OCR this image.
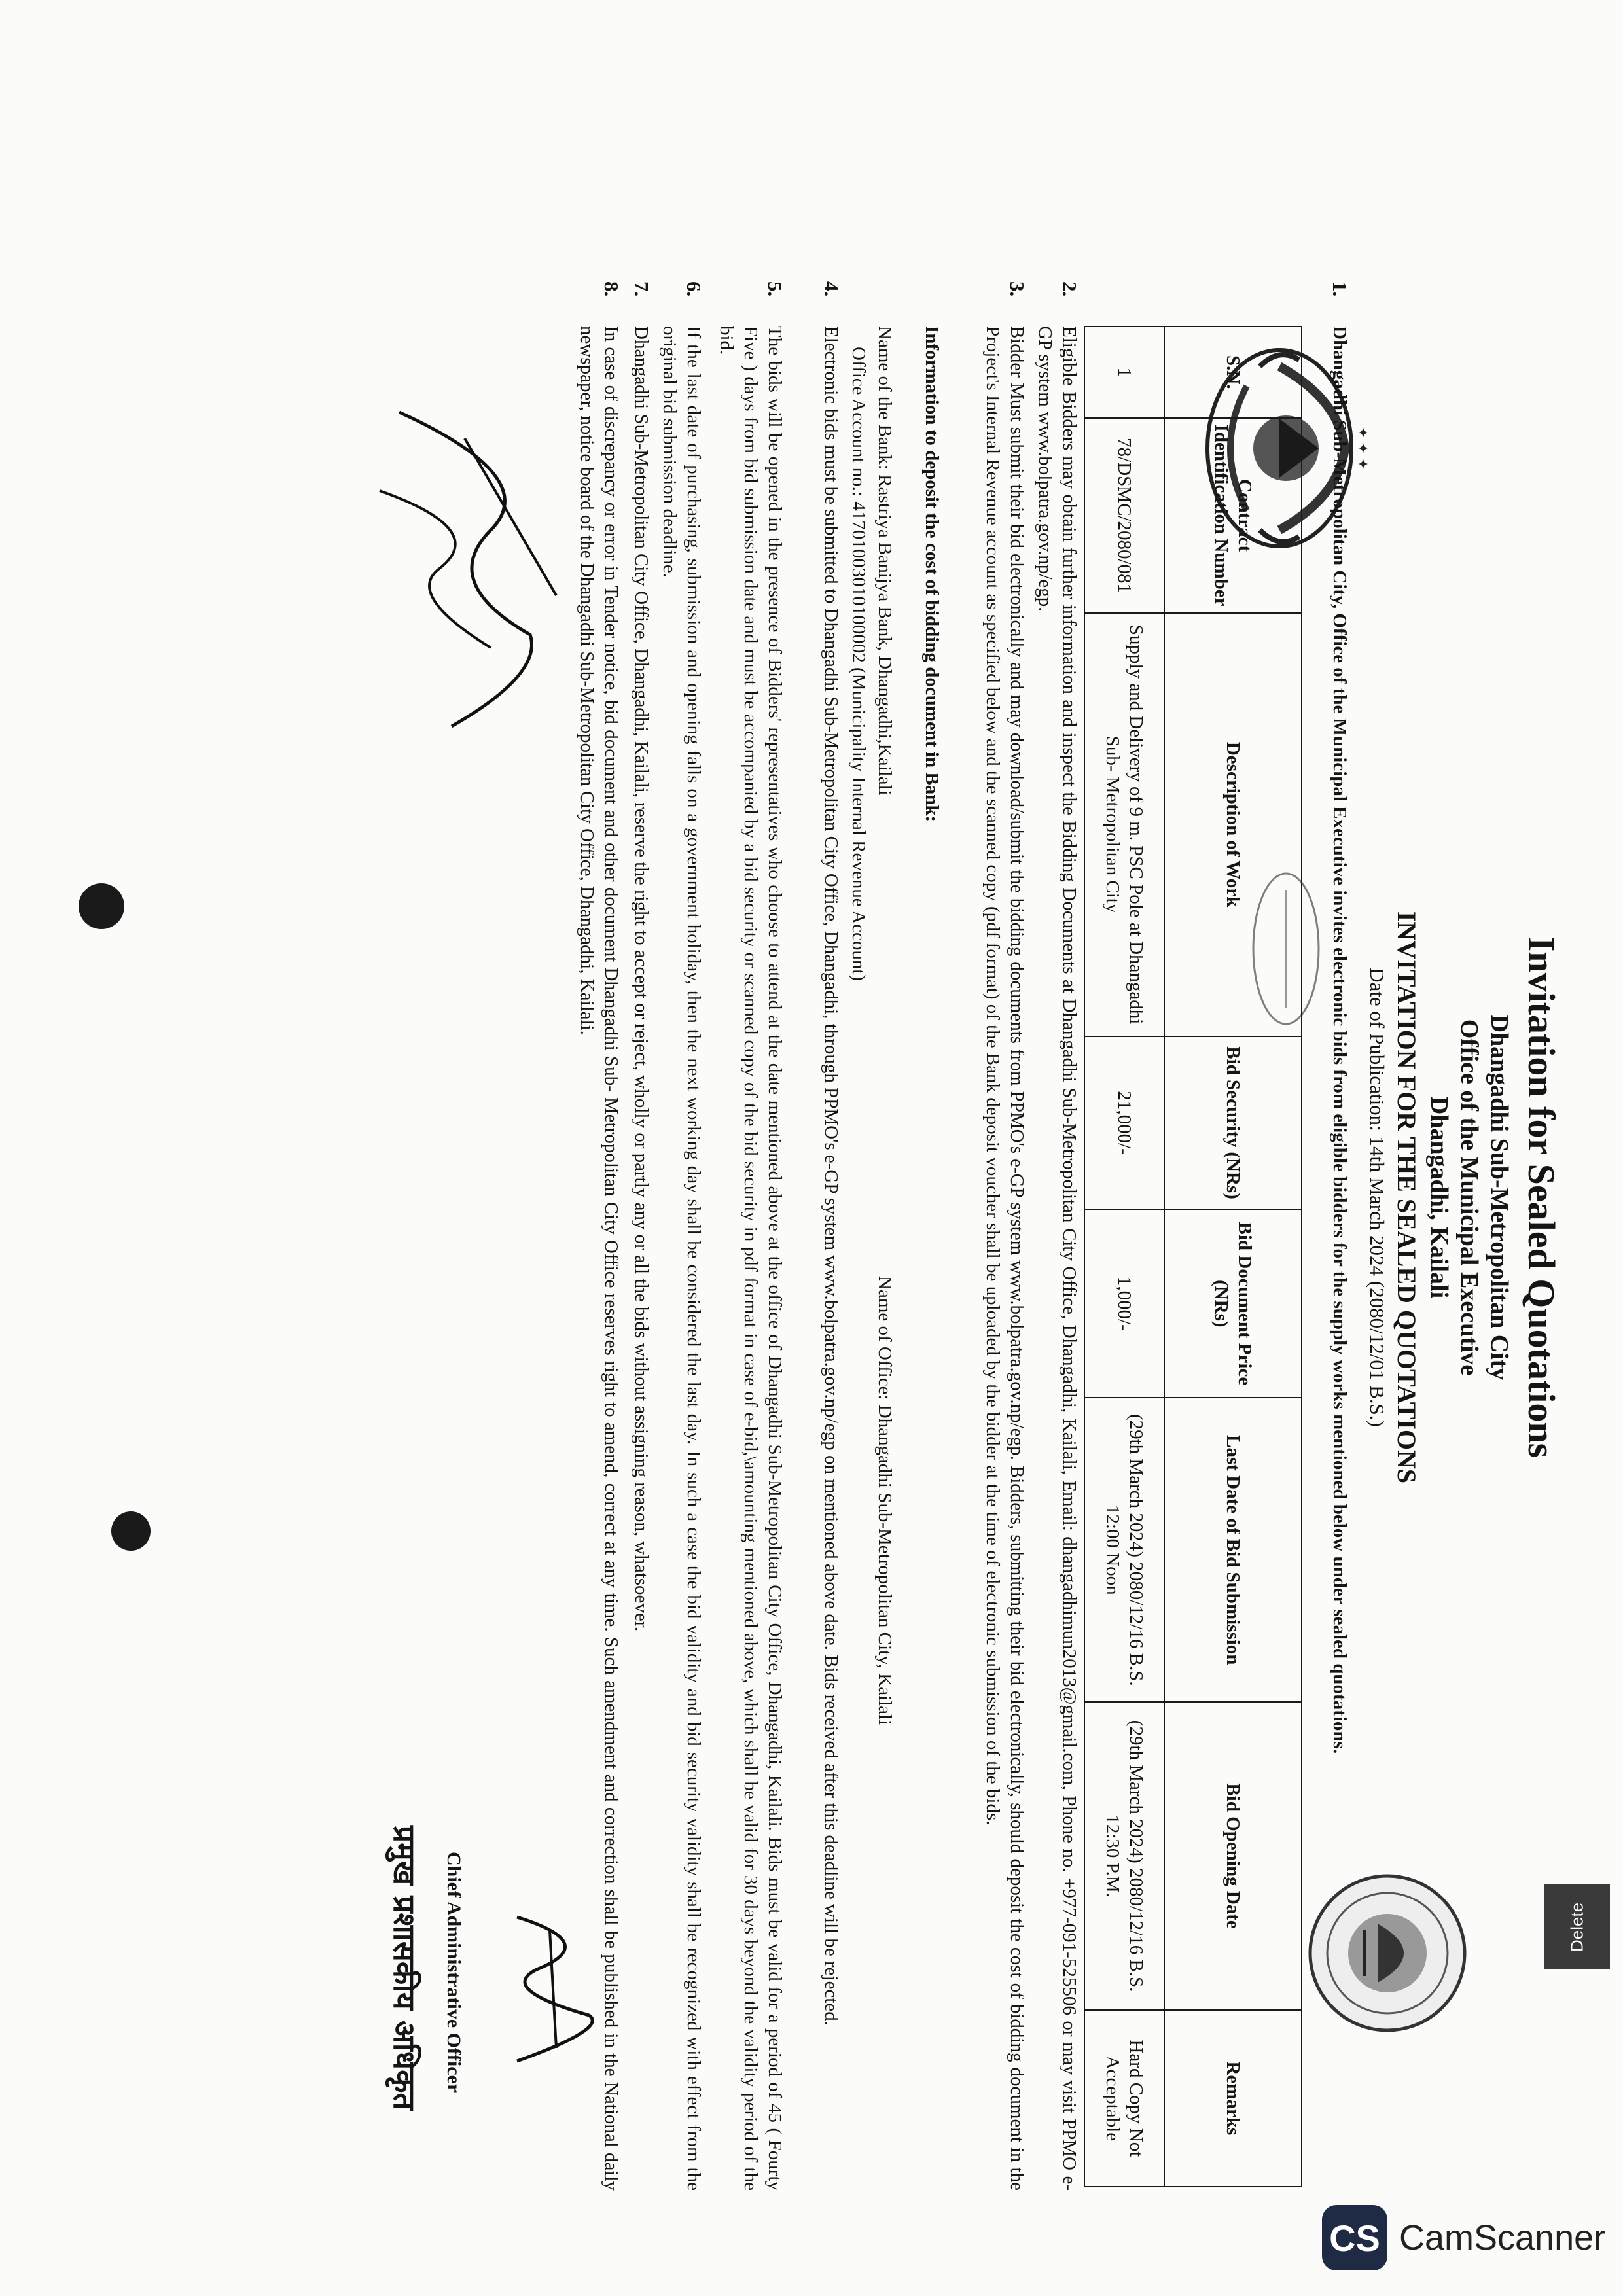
✦ ✦ ✦
Invitation for Sealed Quotations
Dhangadhi Sub-Metropolitan City
Office of the Municipal Executive
Dhangadhi, Kailali
INVITATION FOR THE SEALED QUOTATIONS
Date of Publication: 14th March 2024 (2080/12/01 B.S.)
1.
Dhangadhi Sub-Metropolitan City, Office of the Municipal Executive invites electronic bids from eligible bidders for the supply works mentioned below under sealed quotations.
S.N.	Contract Identification Number	Description of Work	Bid Security (NRs)	Bid Document Price (NRs)	Last Date of Bid Submission	Bid Opening Date	Remarks
1	78/DSMC/2080/081	Supply and Delivery of 9 m. PSC Pole at Dhangadhi Sub- Metropolitan City	21,000/-	1,000/-	(29th March 2024) 2080/12/16 B.S. 12:00 Noon	(29th March 2024) 2080/12/16 B.S. 12:30 P.M.	Hard Copy Not Acceptable
2.
Eligible Bidders may obtain further information and inspect the Bidding Documents at Dhangadhi Sub-Metropolitan City Office, Dhangadhi, Kailali, Email: dhangadhimun2013@gmail.com, Phone no. +977-091-525506 or may visit PPMO e-GP system www.bolpatra.gov.np/egp.
3.
Bidder Must submit their bid electronically and may download/submit the bidding documents from PPMO's e-GP system www.bolpatra.gov.np/egp. Bidders, submitting their bid electronically, should deposit the cost of bidding document in the Project's Internal Revenue account as specified below and the scanned copy (pdf format) of the Bank deposit voucher shall be uploaded by the bidder at the time of electronic submission of the bids.
Information to deposit the cost of bidding document in Bank:
Name of the Bank: Rastriya Banijya Bank, Dhangadhi,Kailali
Name of Office: Dhangadhi Sub-Metropolitan City, Kailali
Office Account no.: 41701003010100002 (Municipality Internal Revenue Account)
4.
Electronic bids must be submitted to Dhangadhi Sub-Metropolitan City Office, Dhangadhi, through PPMO's e-GP system www.bolpatra.gov.np/egp on mentioned above date. Bids received after this deadline will be rejected.
5.
The bids will be opened in the presence of Bidders' representatives who choose to attend at the date mentioned above at the office of Dhangadhi Sub-Metropolitan City Office, Dhangadhi, Kailali. Bids must be valid for a period of 45 ( Fourty Five ) days from bid submission date and must be accompanied by a bid security or scanned copy of the bid security in pdf format in case of e-bid,\amounting mentioned above, which shall be valid for 30 days beyond the validity period of the bid.
6.
If the last date of purchasing, submission and opening falls on a government holiday, then the next working day shall be considered the last day. In such a case the bid validity and bid security validity shall be recognized with effect from the original bid submission deadline.
7.
Dhangadhi Sub-Metropolitan City Office, Dhangadhi, Kailali, reserve the right to accept or reject, wholly or partly any or all the bids without assigning reason, whatsoever.
8.
In case of discrepancy or error in Tender notice, bid document and other document Dhangadhi Sub- Metropolitan City Office reserves right to amend, correct at any time. Such amendment and correction shall be published in the National daily newspaper, notice board of the Dhangadhi Sub-Metropolitan City Office, Dhangadhi, Kailali.
Chief Administrative Officer
प्रमुख प्रशासकीय अधिकृत	Delete
CS CamScanner
